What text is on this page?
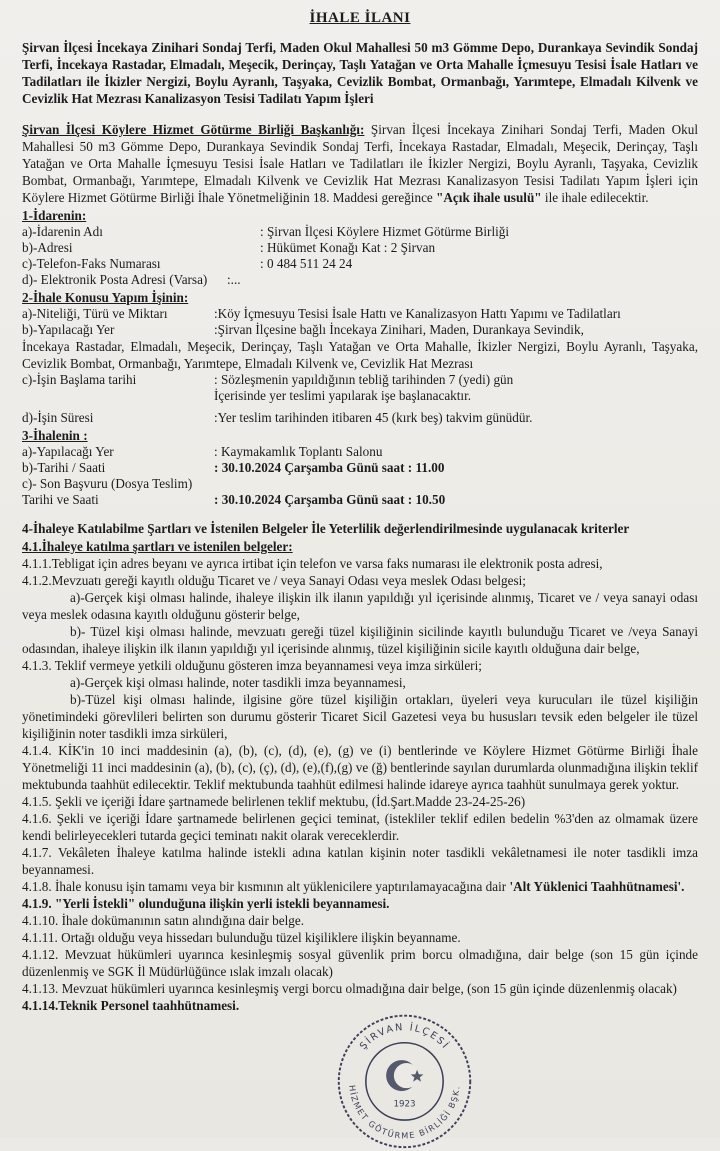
İHALE İLANI

Şirvan İlçesi İncekaya Zinihari Sondaj Terfi, Maden Okul Mahallesi 50 m3 Gömme Depo, Durankaya Sevindik Sondaj Terfi, İncekaya Rastadar, Elmadalı, Meşecik, Derinçay, Taşlı Yatağan ve Orta Mahalle İçmesuyu Tesisi İsale Hatları ve Tadilatları ile İkizler Nergizi, Boylu Ayranlı, Taşyaka, Cevizlik Bombat, Ormanbağı, Yarımtepe, Elmadalı Kilvenk ve Cevizlik Hat Mezrası Kanalizasyon Tesisi Tadilatı Yapım İşleri

Şirvan İlçesi Köylere Hizmet Götürme Birliği Başkanlığı: Şirvan İlçesi İncekaya Zinihari Sondaj Terfi, Maden Okul Mahallesi 50 m3 Gömme Depo, Durankaya Sevindik Sondaj Terfi, İncekaya Rastadar, Elmadalı, Meşecik, Derinçay, Taşlı Yatağan ve Orta Mahalle İçmesuyu Tesisi İsale Hatları ve Tadilatları ile İkizler Nergizi, Boylu Ayranlı, Taşyaka, Cevizlik Bombat, Ormanbağı, Yarımtepe, Elmadalı Kilvenk ve Cevizlik Hat Mezrası Kanalizasyon Tesisi Tadilatı Yapım İşleri için Köylere Hizmet Götürme Birliği İhale Yönetmeliğinin 18. Maddesi gereğince "Açık ihale usulü" ile ihale edilecektir.

1-İdarenin:
a)-İdarenin Adı	: Şirvan İlçesi Köylere Hizmet Götürme Birliği
b)-Adresi	: Hükümet Konağı Kat : 2 Şirvan
c)-Telefon-Faks Numarası	: 0 484 511 24 24
d)- Elektronik Posta Adresi (Varsa)	:...
2-İhale Konusu Yapım İşinin:
a)-Niteliği, Türü ve Miktarı	:Köy İçmesuyu Tesisi İsale Hattı ve Kanalizasyon Hattı Yapımı ve Tadilatları
b)-Yapılacağı Yer	:Şirvan İlçesine bağlı İncekaya Zinihari, Maden, Durankaya Sevindik,

İncekaya Rastadar, Elmadalı, Meşecik, Derinçay, Taşlı Yatağan ve Orta Mahalle, İkizler Nergizi, Boylu Ayranlı, Taşyaka, Cevizlik Bombat, Ormanbağı, Yarımtepe, Elmadalı Kilvenk ve, Cevizlik Hat Mezrası

c)-İşin Başlama tarihi	: Sözleşmenin yapıldığının tebliğ tarihinden 7 (yedi) gün
İçerisinde yer teslimi yapılarak işe başlanacaktır.
d)-İşin Süresi	:Yer teslim tarihinden itibaren 45 (kırk beş) takvim günüdür.
3-İhalenin :
a)-Yapılacağı Yer	: Kaymakamlık Toplantı Salonu
b)-Tarihi / Saati	: 30.10.2024 Çarşamba Günü saat : 11.00
c)- Son Başvuru (Dosya Teslim)
Tarihi ve Saati	: 30.10.2024 Çarşamba Günü saat : 10.50
4-İhaleye Katılabilme Şartları ve İstenilen Belgeler İle Yeterlilik değerlendirilmesinde uygulanacak kriterler
4.1.İhaleye katılma şartları ve istenilen belgeler:

4.1.1.Tebligat için adres beyanı ve ayrıca irtibat için telefon ve varsa faks numarası ile elektronik posta adresi,

4.1.2.Mevzuatı gereği kayıtlı olduğu Ticaret ve / veya Sanayi Odası veya meslek Odası belgesi;

a)-Gerçek kişi olması halinde, ihaleye ilişkin ilk ilanın yapıldığı yıl içerisinde alınmış, Ticaret ve / veya sanayi odası veya meslek odasına kayıtlı olduğunu gösterir belge,

b)- Tüzel kişi olması halinde, mevzuatı gereği tüzel kişiliğinin sicilinde kayıtlı bulunduğu Ticaret ve /veya Sanayi odasından, ihaleye ilişkin ilk ilanın yapıldığı yıl içerisinde alınmış, tüzel kişiliğinin sicile kayıtlı olduğuna dair belge,

4.1.3. Teklif vermeye yetkili olduğunu gösteren imza beyannamesi veya imza sirküleri;

a)-Gerçek kişi olması halinde, noter tasdikli imza beyannamesi,

b)-Tüzel kişi olması halinde, ilgisine göre tüzel kişiliğin ortakları, üyeleri veya kurucuları ile tüzel kişiliğin yönetimindeki görevlileri belirten son durumu gösterir Ticaret Sicil Gazetesi veya bu hususları tevsik eden belgeler ile tüzel kişiliğinin noter tasdikli imza sirküleri,

4.1.4. KİK'in 10 inci maddesinin (a), (b), (c), (d), (e), (g) ve (i) bentlerinde ve Köylere Hizmet Götürme Birliği İhale Yönetmeliği 11 inci maddesinin (a), (b), (c), (ç), (d), (e),(f),(g) ve (ğ) bentlerinde sayılan durumlarda olunmadığına ilişkin teklif mektubunda taahhüt edilecektir. Teklif mektubunda taahhüt edilmesi halinde idareye ayrıca taahhüt sunulmaya gerek yoktur.

4.1.5. Şekli ve içeriği İdare şartnamede belirlenen teklif mektubu, (İd.Şart.Madde 23-24-25-26)

4.1.6. Şekli ve içeriği İdare şartnamede belirlenen geçici teminat, (istekliler teklif edilen bedelin %3'den az olmamak üzere kendi belirleyecekleri tutarda geçici teminatı nakit olarak vereceklerdir.

4.1.7. Vekâleten İhaleye katılma halinde istekli adına katılan kişinin noter tasdikli vekâletnamesi ile noter tasdikli imza beyannamesi.

4.1.8. İhale konusu işin tamamı veya bir kısmının alt yüklenicilere yaptırılamayacağına dair 'Alt Yüklenici Taahhütnamesi'.

4.1.9. "Yerli İstekli" olunduğuna ilişkin yerli istekli beyannamesi.

4.1.10. İhale dokümanının satın alındığına dair belge.

4.1.11. Ortağı olduğu veya hissedarı bulunduğu tüzel kişiliklere ilişkin beyanname.

4.1.12. Mevzuat hükümleri uyarınca kesinleşmiş sosyal güvenlik prim borcu olmadığına, dair belge (son 15 gün içinde düzenlenmiş ve SGK İl Müdürlüğünce ıslak imzalı olacak)

4.1.13. Mevzuat hükümleri uyarınca kesinleşmiş vergi borcu olmadığına dair belge, (son 15 gün içinde düzenlenmiş olacak)

4.1.14.Teknik Personel taahhütnamesi.

ŞİRVAN İLÇESİ
HİZMET GÖTÜRME BİRLİĞİ BŞK.
1923
